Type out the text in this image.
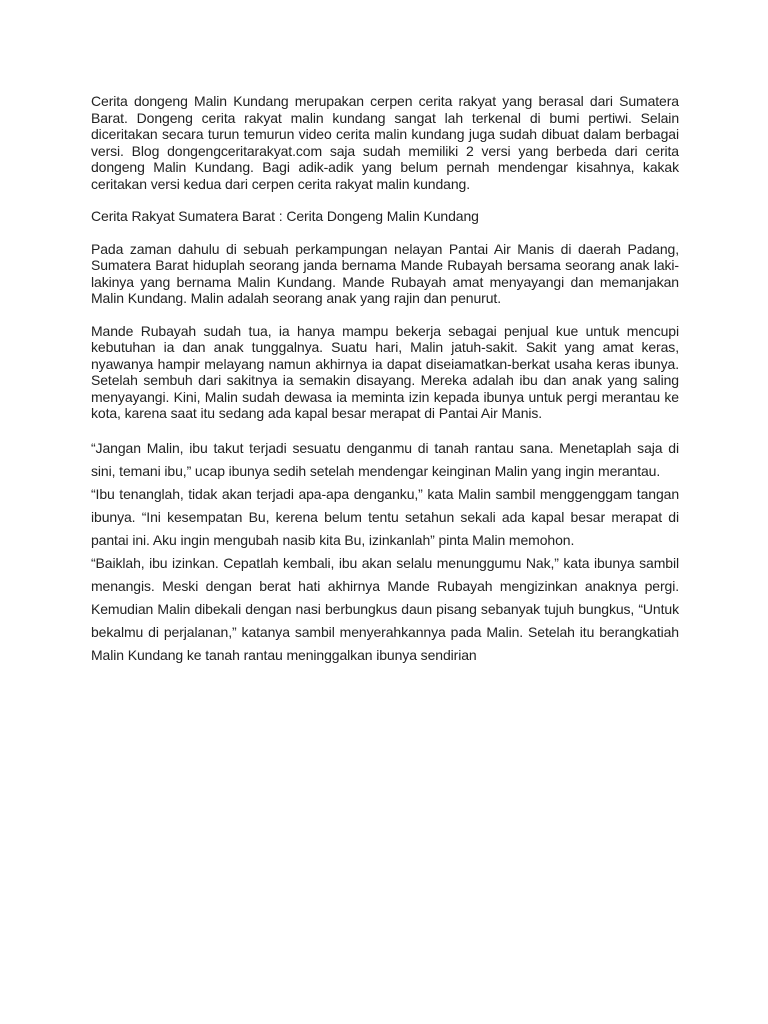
Cerita dongeng Malin Kundang merupakan cerpen cerita rakyat yang berasal dari Sumatera Barat. Dongeng cerita rakyat malin kundang sangat lah terkenal di bumi pertiwi. Selain diceritakan secara turun temurun video cerita malin kundang juga sudah dibuat dalam berbagai versi. Blog dongengceritarakyat.com saja sudah memiliki 2 versi yang berbeda dari cerita dongeng Malin Kundang. Bagi adik-adik yang belum pernah mendengar kisahnya, kakak ceritakan versi kedua dari cerpen cerita rakyat malin kundang.

Cerita Rakyat Sumatera Barat : Cerita Dongeng Malin Kundang

Pada zaman dahulu di sebuah perkampungan nelayan Pantai Air Manis di daerah Padang, Sumatera Barat hiduplah seorang janda bernama Mande Rubayah bersama seorang anak laki-lakinya yang bernama Malin Kundang. Mande Rubayah amat menyayangi dan memanjakan Malin Kundang. Malin adalah seorang anak yang rajin dan penurut.

Mande Rubayah sudah tua, ia hanya mampu bekerja sebagai penjual kue untuk mencupi kebutuhan ia dan anak tunggalnya. Suatu hari, Malin jatuh-sakit. Sakit yang amat keras, nyawanya hampir melayang namun akhirnya ia dapat diseiamatkan-berkat usaha keras ibunya. Setelah sembuh dari sakitnya ia semakin disayang. Mereka adalah ibu dan anak yang saling menyayangi. Kini, Malin sudah dewasa ia meminta izin kepada ibunya untuk pergi merantau ke kota, karena saat itu sedang ada kapal besar merapat di Pantai Air Manis.

“Jangan Malin, ibu takut terjadi sesuatu denganmu di tanah rantau sana. Menetaplah saja di sini, temani ibu,” ucap ibunya sedih setelah mendengar keinginan Malin yang ingin merantau.

“Ibu tenanglah, tidak akan terjadi apa-apa denganku,” kata Malin sambil menggenggam tangan ibunya. “Ini kesempatan Bu, kerena belum tentu setahun sekali ada kapal besar merapat di pantai ini. Aku ingin mengubah nasib kita Bu, izinkanlah” pinta Malin memohon.

“Baiklah, ibu izinkan. Cepatlah kembali, ibu akan selalu menunggumu Nak,” kata ibunya sambil menangis. Meski dengan berat hati akhirnya Mande Rubayah mengizinkan anaknya pergi. Kemudian Malin dibekali dengan nasi berbungkus daun pisang sebanyak tujuh bungkus, “Untuk bekalmu di perjalanan,” katanya sambil menyerahkannya pada Malin. Setelah itu berangkatiah Malin Kundang ke tanah rantau meninggalkan ibunya sendirian
